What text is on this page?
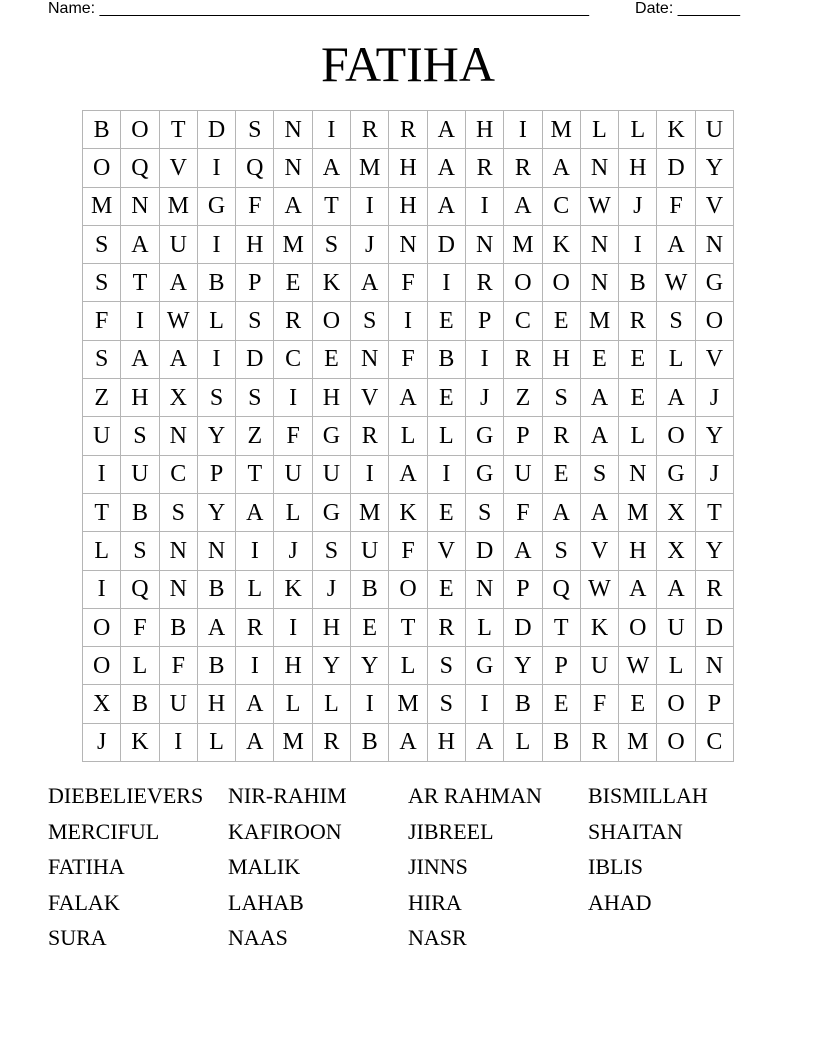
Name: _______________________________________________________	Date: _______
FATIHA
B O T D S N	I	R R A H	I M L L K U
O Q V	I	Q N A M H A R R A N H D Y
M N M G F A T	I	H A	I	A C W J	F V
S A U	I	H M S	J	N D N M K N	I	A N
S	T A B P	E K A F	I	R O O N B W G
F	I W L	S R O S	I	E	P C E M R S O
S A A	I	D C E N F B	I	R H E E L V
Z H X S	S	I	H V A E	J	Z	S A E A	J
U S N Y Z	F G R L L G P R A L O Y
I	U C P	T U U	I	A	I	G U E	S N G	J
T B S Y A L G M K E	S	F A A M X T
L	S N N	I	J	S U F V D A S V H X Y
I	Q N B L K	J	B O E N P Q W A A R
O F B A R	I	H E T R L D T K O U D
O L	F B	I	H Y Y L	S G Y P U W L N
X B U H A L L	I M S	I	B E	F	E O P
J	K	I	L A M R B A H A L B R M O C
DIEBELIEVERS	NIR-RAHIM	AR RAHMAN	BISMILLAH
MERCIFUL	KAFIROON	JIBREEL	SHAITAN
FATIHA	MALIK	JINNS	IBLIS
FALAK	LAHAB	HIRA	AHAD
SURA	NAAS	NASR
